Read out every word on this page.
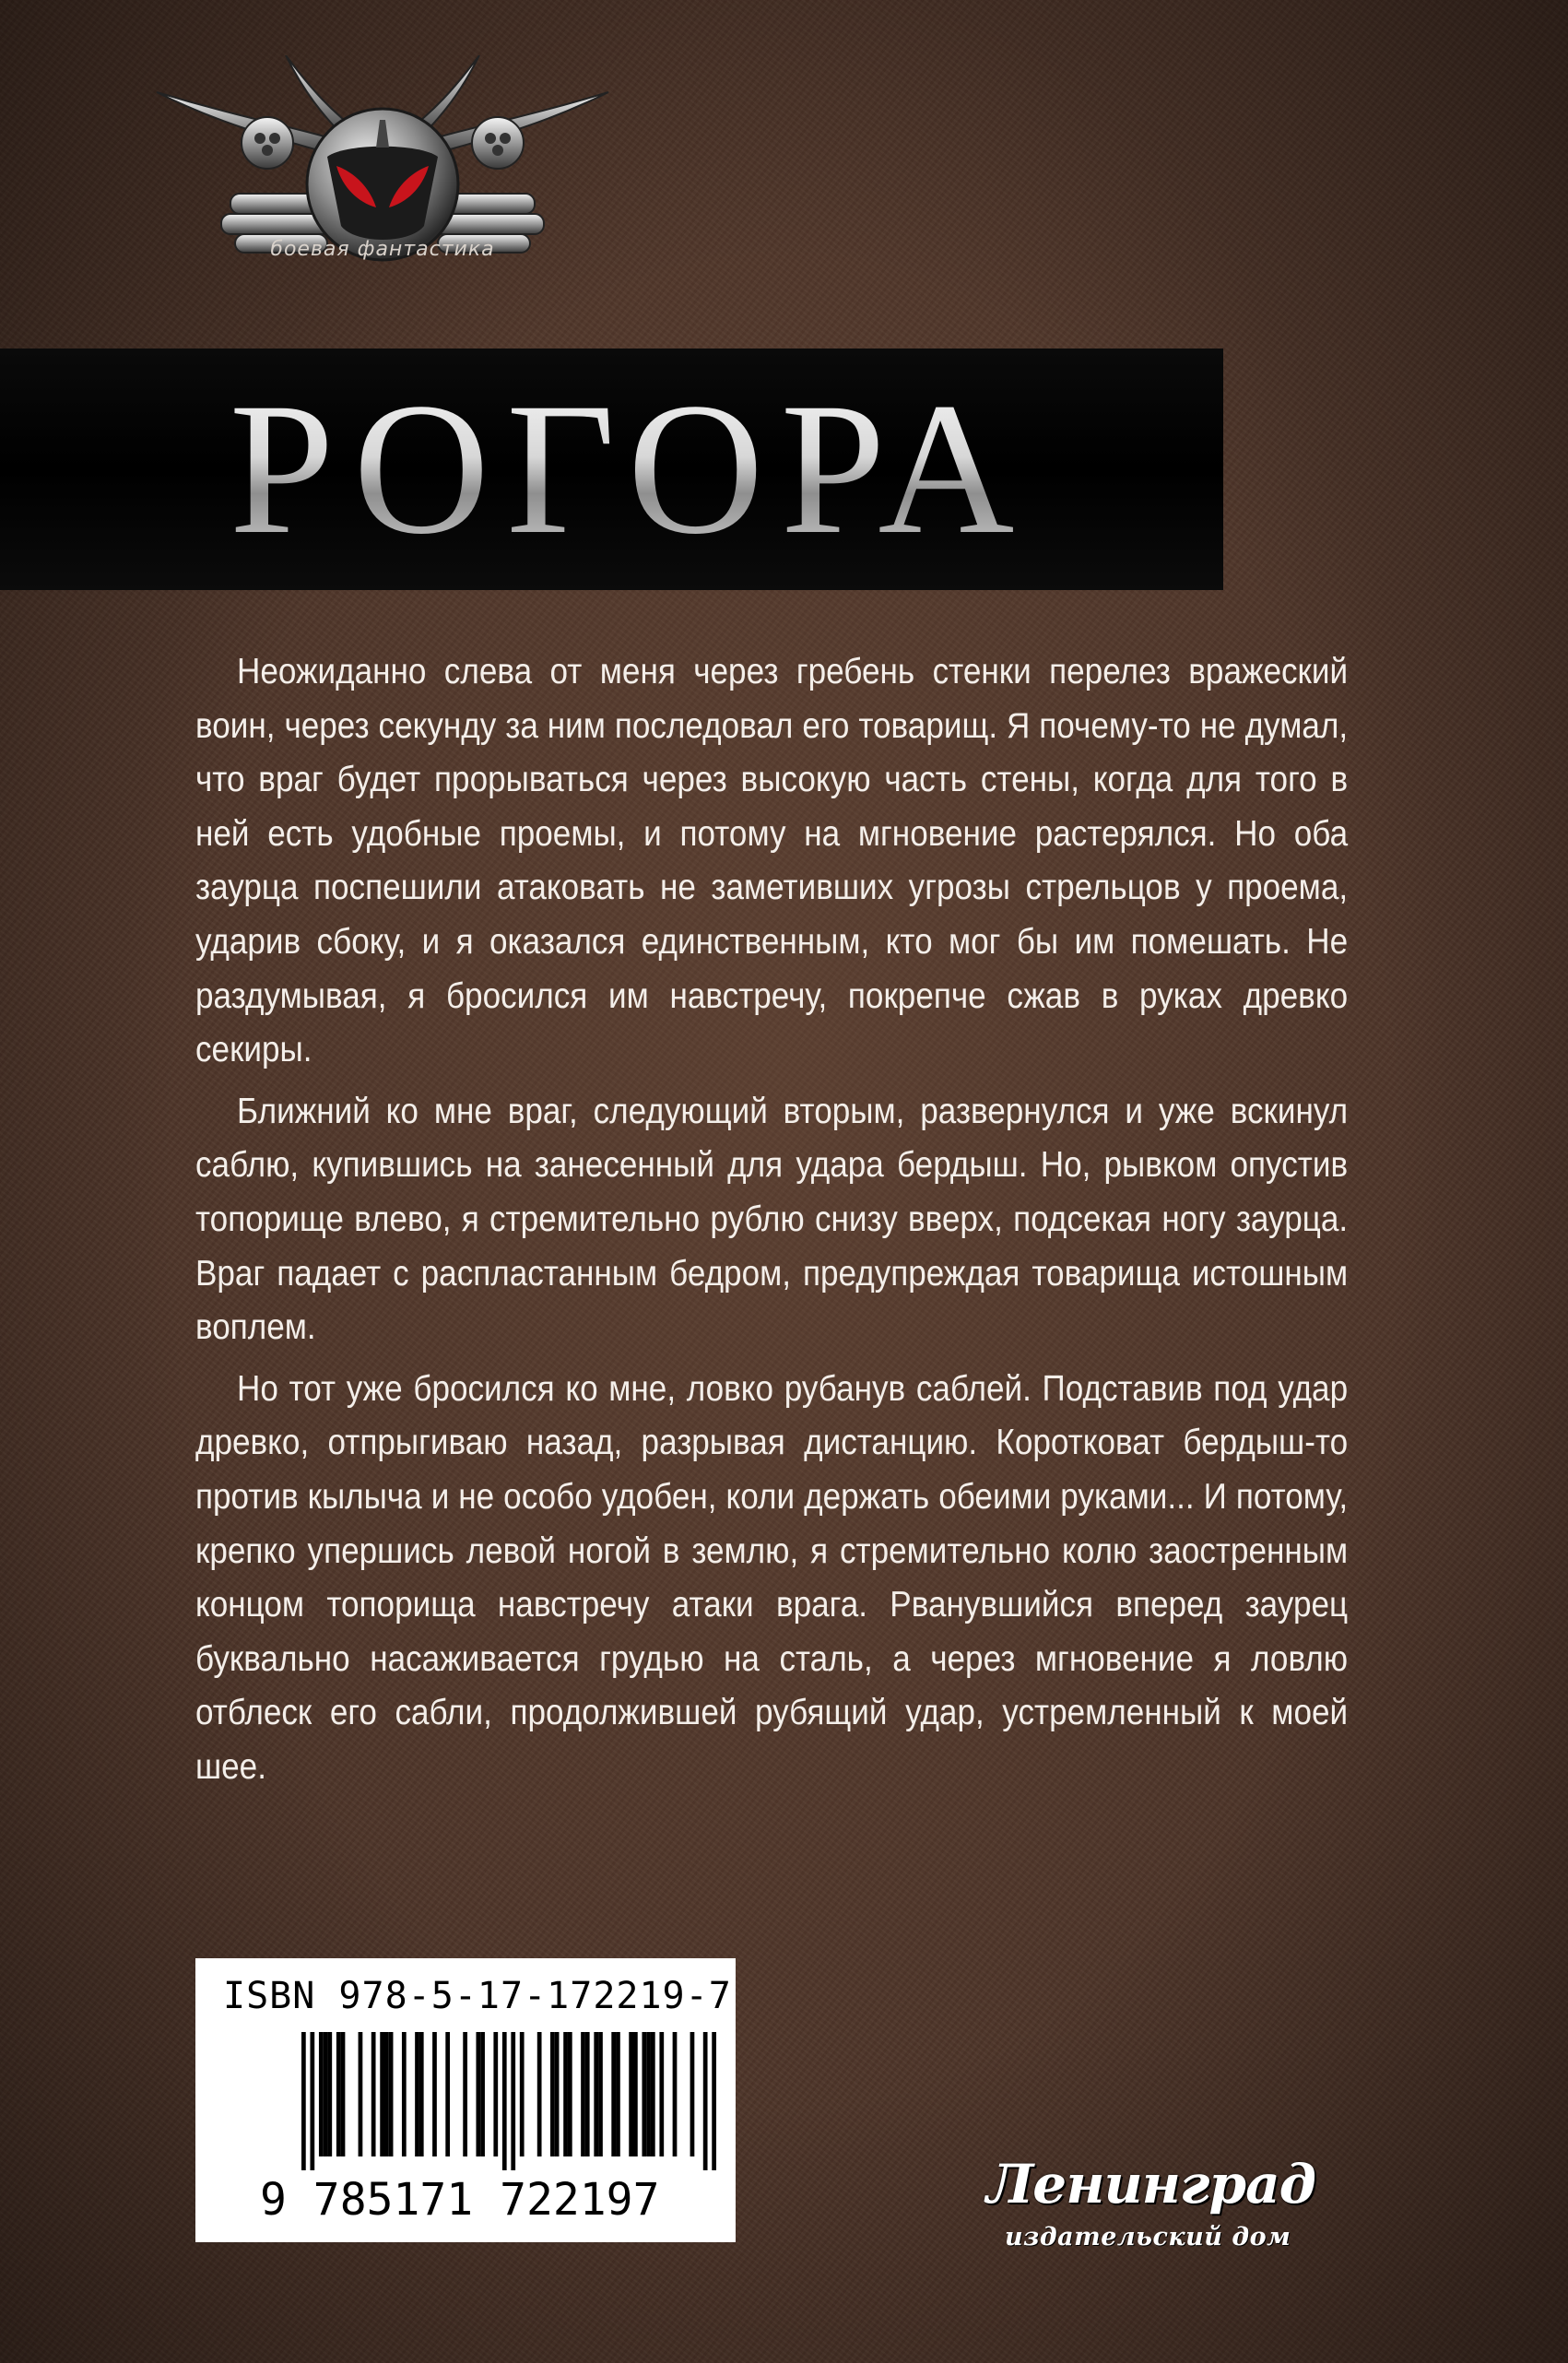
боевая фантастика
РОГОРА

Неожиданно слева от меня через гребень стенки перелез вражеский воин, через секунду за ним последовал его товарищ. Я почему-то не думал, что враг будет прорываться через высокую часть стены, когда для того в ней есть удобные проемы, и потому на мгновение растерялся. Но оба заурца поспешили атаковать не заметивших угрозы стрельцов у проема, ударив сбоку, и я оказался единственным, кто мог бы им помешать. Не раздумывая, я бросился им навстречу, покрепче сжав в руках древко секиры.

Ближний ко мне враг, следующий вторым, развернулся и уже вскинул саблю, купившись на занесенный для удара бердыш. Но, рывком опустив топорище влево, я стремительно рублю снизу вверх, подсекая ногу заурца. Враг падает с распластанным бедром, предупреждая товарища истошным воплем.

Но тот уже бросился ко мне, ловко рубанув саблей. Подставив под удар древко, отпрыгиваю назад, разрывая дистанцию. Коротковат бердыш-то против кылыча и не особо удобен, коли держать обеими руками... И потому, крепко упершись левой ногой в землю, я стремительно колю заостренным концом топорища навстречу атаки врага. Рванувшийся вперед заурец буквально насаживается грудью на сталь, а через мгновение я ловлю отблеск его сабли, продолжившей рубящий удар, устремленный к моей шее.

ISBN 978-5-17-172219-7
9 785171 722197	Ленинград
издательский дом
